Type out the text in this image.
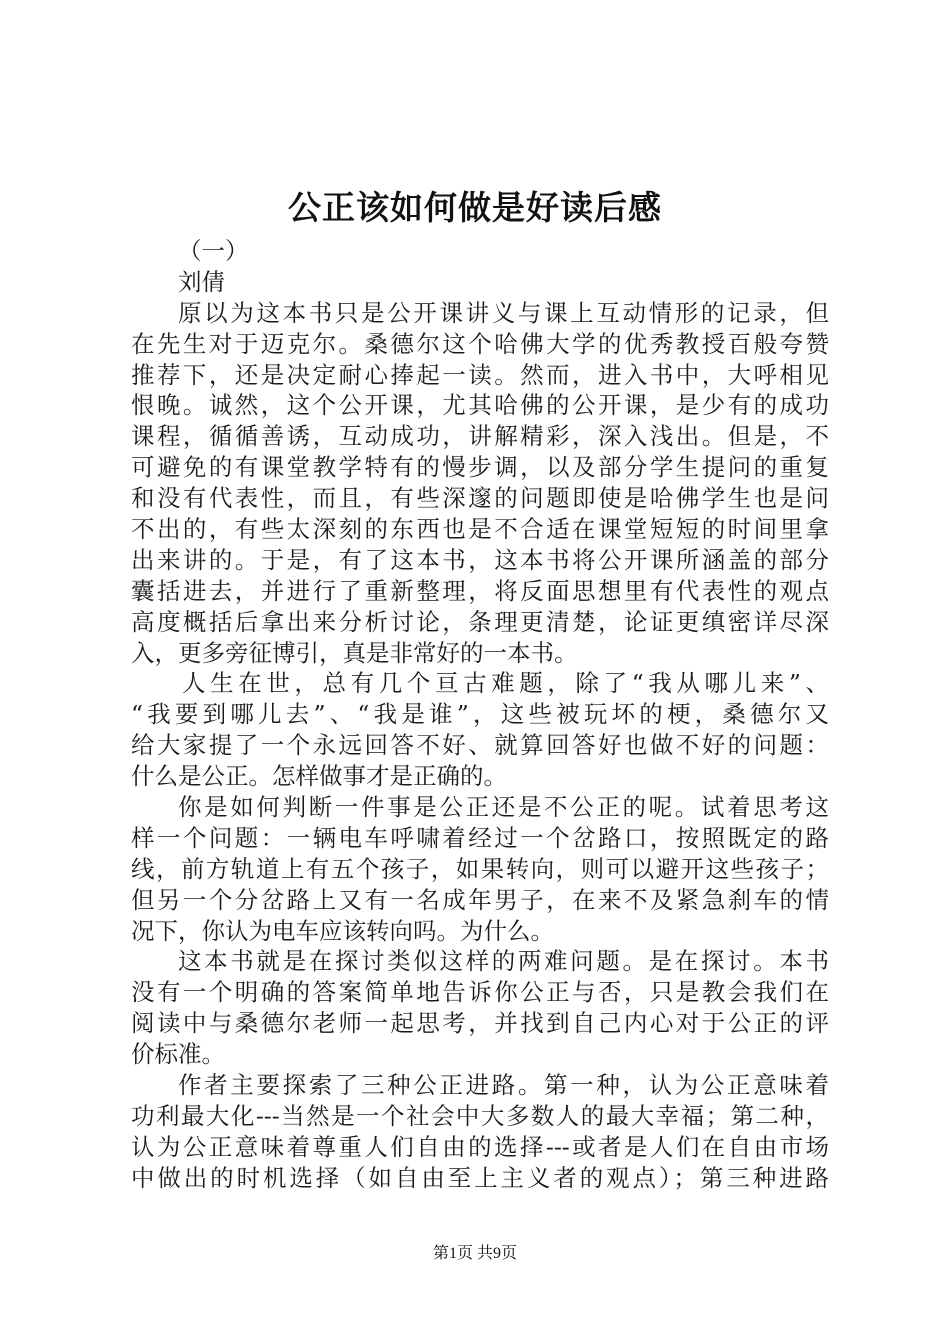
公正该如何做是好读后感
（一）
刘倩
原以为这本书只是公开课讲义与课上互动情形的记录，但
在先生对于迈克尔。桑德尔这个哈佛大学的优秀教授百般夸赞
推荐下，还是决定耐心捧起一读。然而，进入书中，大呼相见
恨晚。诚然，这个公开课，尤其哈佛的公开课，是少有的成功
课程，循循善诱，互动成功，讲解精彩，深入浅出。但是，不
可避免的有课堂教学特有的慢步调，以及部分学生提问的重复
和没有代表性，而且，有些深邃的问题即使是哈佛学生也是问
不出的，有些太深刻的东西也是不合适在课堂短短的时间里拿
出来讲的。于是，有了这本书，这本书将公开课所涵盖的部分
囊括进去，并进行了重新整理，将反面思想里有代表性的观点
高度概括后拿出来分析讨论，条理更清楚，论证更缜密详尽深
入，更多旁征博引，真是非常好的一本书。
人生在世，总有几个亘古难题，除了“我从哪儿来”、
“我要到哪儿去”、“我是谁”，这些被玩坏的梗，桑德尔又
给大家提了一个永远回答不好、就算回答好也做不好的问题：
什么是公正。怎样做事才是正确的。
你是如何判断一件事是公正还是不公正的呢。试着思考这
样一个问题：一辆电车呼啸着经过一个岔路口，按照既定的路
线，前方轨道上有五个孩子，如果转向，则可以避开这些孩子；
但另一个分岔路上又有一名成年男子，在来不及紧急刹车的情
况下，你认为电车应该转向吗。为什么。
这本书就是在探讨类似这样的两难问题。是在探讨。本书
没有一个明确的答案简单地告诉你公正与否，只是教会我们在
阅读中与桑德尔老师一起思考，并找到自己内心对于公正的评
价标准。
作者主要探索了三种公正进路。第一种，认为公正意味着
功利最大化---当然是一个社会中大多数人的最大幸福；第二种，
认为公正意味着尊重人们自由的选择---或者是人们在自由市场
中做出的时机选择（如自由至上主义者的观点）；第三种进路
第1页 共9页
